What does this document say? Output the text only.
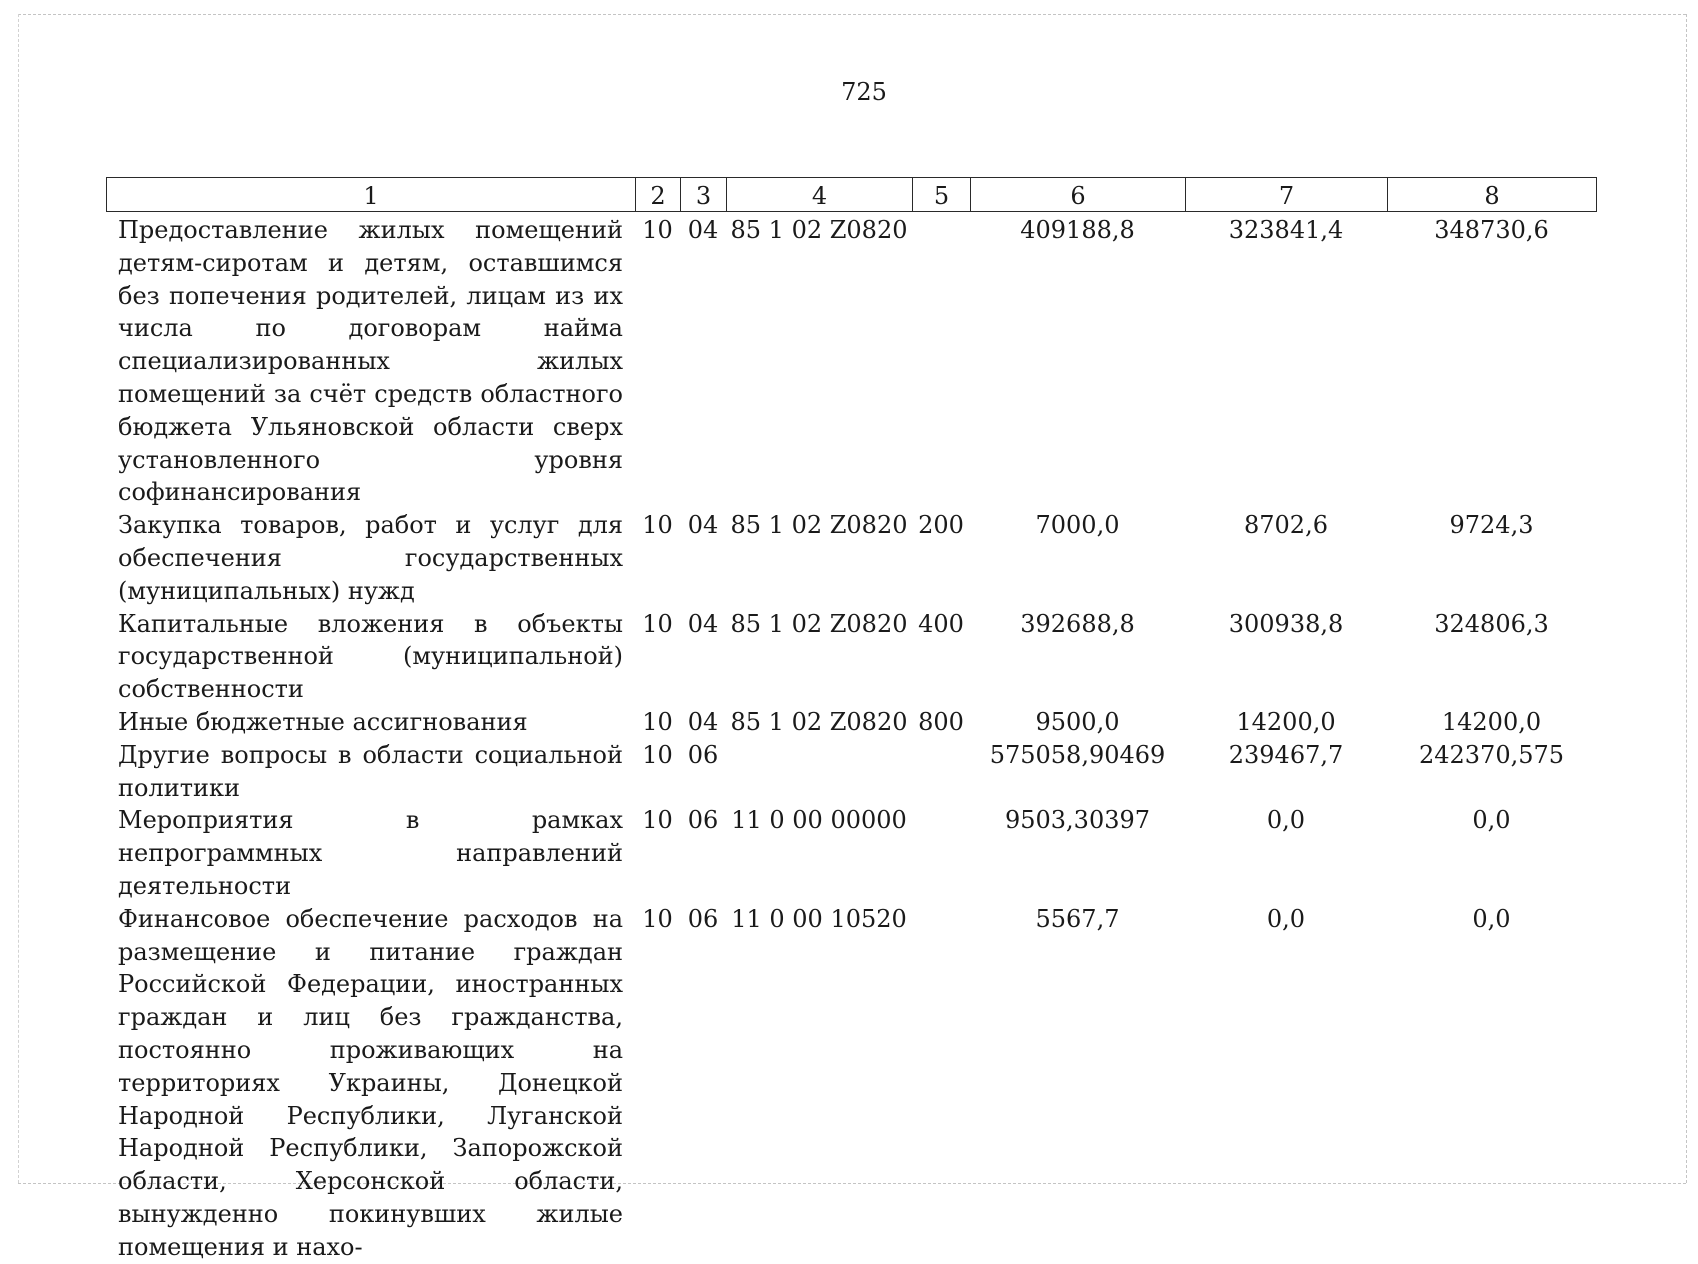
725
1	2	3	4	5	6	7	8
Предоставление жилых помещений детям-сиротам и детям, оставшимся без попечения родителей, лицам из их числа по договорам найма специализированных жилых помещений за счёт средств областного бюджета Ульяновской области сверх установленного уровня софинансирования	10	04	85 1 02 Z0820		409188,8	323841,4	348730,6
Закупка товаров, работ и услуг для обеспечения государственных (муниципальных) нужд	10	04	85 1 02 Z0820	200	7000,0	8702,6	9724,3
Капитальные вложения в объекты государственной (муниципальной) собственности	10	04	85 1 02 Z0820	400	392688,8	300938,8	324806,3
Иные бюджетные ассигнования	10	04	85 1 02 Z0820	800	9500,0	14200,0	14200,0
Другие вопросы в области социальной политики	10	06			575058,90469	239467,7	242370,575
Мероприятия в рамках непрограммных направлений деятельности	10	06	11 0 00 00000		9503,30397	0,0	0,0
Финансовое обеспечение расходов на размещение и питание граждан Российской Федерации, иностранных граждан и лиц без гражданства, постоянно проживающих на территориях Украины, Донецкой Народной Республики, Луганской Народной Республики, Запорожской области, Херсонской области, вынужденно покинувших жилые помещения и нахо-	10	06	11 0 00 10520		5567,7	0,0	0,0
